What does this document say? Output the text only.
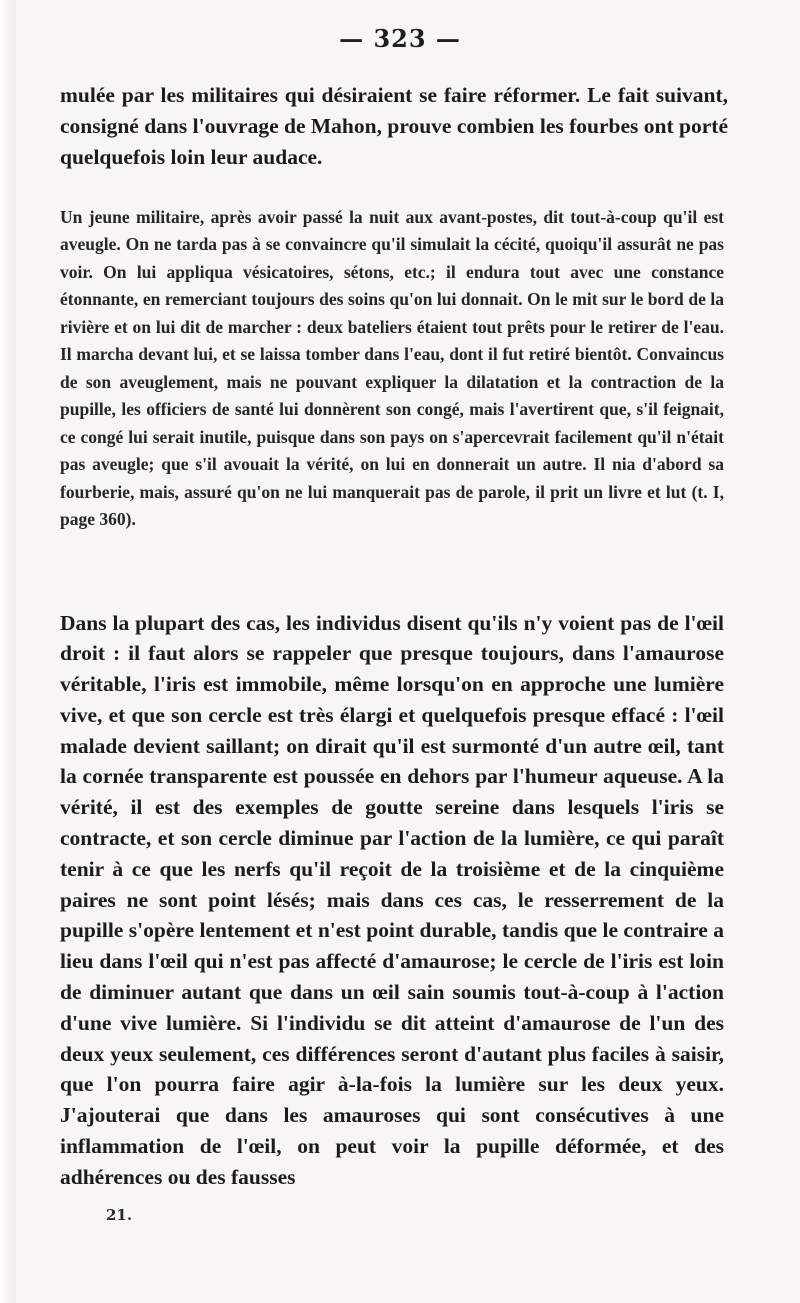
— 323 —

mulée par les militaires qui désiraient se faire réformer. Le fait suivant, consigné dans l'ouvrage de Mahon, prouve combien les fourbes ont porté quelquefois loin leur audace.

Un jeune militaire, après avoir passé la nuit aux avant-postes, dit tout-à-coup qu'il est aveugle. On ne tarda pas à se convaincre qu'il simulait la cécité, quoiqu'il assurât ne pas voir. On lui appliqua vésicatoires, sétons, etc.; il endura tout avec une constance étonnante, en remerciant toujours des soins qu'on lui donnait. On le mit sur le bord de la rivière et on lui dit de marcher : deux bateliers étaient tout prêts pour le retirer de l'eau. Il marcha devant lui, et se laissa tomber dans l'eau, dont il fut retiré bientôt. Convaincus de son aveuglement, mais ne pouvant expliquer la dilatation et la contraction de la pupille, les officiers de santé lui donnèrent son congé, mais l'avertirent que, s'il feignait, ce congé lui serait inutile, puisque dans son pays on s'apercevrait facilement qu'il n'était pas aveugle; que s'il avouait la vérité, on lui en donnerait un autre. Il nia d'abord sa fourberie, mais, assuré qu'on ne lui manquerait pas de parole, il prit un livre et lut (t. I, page 360).

Dans la plupart des cas, les individus disent qu'ils n'y voient pas de l'œil droit : il faut alors se rappeler que presque toujours, dans l'amaurose véritable, l'iris est immobile, même lorsqu'on en approche une lumière vive, et que son cercle est très élargi et quelquefois presque effacé : l'œil malade devient saillant; on dirait qu'il est surmonté d'un autre œil, tant la cornée transparente est poussée en dehors par l'humeur aqueuse. A la vérité, il est des exemples de goutte sereine dans lesquels l'iris se contracte, et son cercle diminue par l'action de la lumière, ce qui paraît tenir à ce que les nerfs qu'il reçoit de la troisième et de la cinquième paires ne sont point lésés; mais dans ces cas, le resserrement de la pupille s'opère lentement et n'est point durable, tandis que le contraire a lieu dans l'œil qui n'est pas affecté d'amaurose; le cercle de l'iris est loin de diminuer autant que dans un œil sain soumis tout-à-coup à l'action d'une vive lumière. Si l'individu se dit atteint d'amaurose de l'un des deux yeux seulement, ces différences seront d'autant plus faciles à saisir, que l'on pourra faire agir à-la-fois la lumière sur les deux yeux. J'ajouterai que dans les amauroses qui sont consécutives à une inflammation de l'œil, on peut voir la pupille déformée, et des adhérences ou des fausses

21.
